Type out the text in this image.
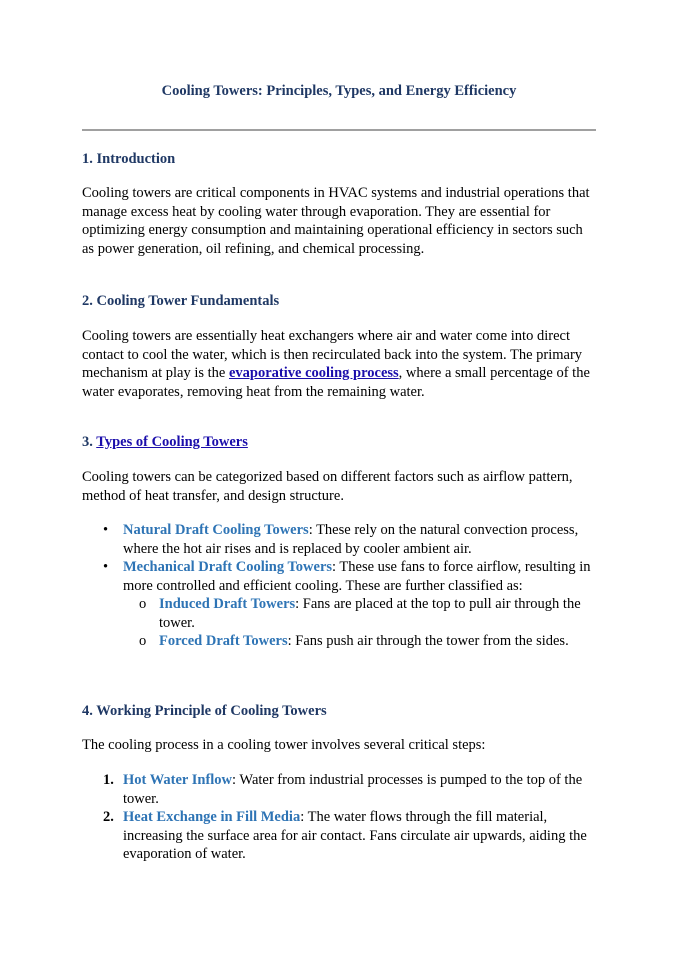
Cooling Towers: Principles, Types, and Energy Efficiency
1. Introduction
Cooling towers are critical components in HVAC systems and industrial operations that manage excess heat by cooling water through evaporation. They are essential for optimizing energy consumption and maintaining operational efficiency in sectors such as power generation, oil refining, and chemical processing.
2. Cooling Tower Fundamentals
Cooling towers are essentially heat exchangers where air and water come into direct contact to cool the water, which is then recirculated back into the system. The primary mechanism at play is the evaporative cooling process, where a small percentage of the water evaporates, removing heat from the remaining water.
3. Types of Cooling Towers
Cooling towers can be categorized based on different factors such as airflow pattern, method of heat transfer, and design structure.
• Natural Draft Cooling Towers: These rely on the natural convection process, where the hot air rises and is replaced by cooler ambient air.
• Mechanical Draft Cooling Towers: These use fans to force airflow, resulting in more controlled and efficient cooling. These are further classified as:
o Induced Draft Towers: Fans are placed at the top to pull air through the tower.
o Forced Draft Towers: Fans push air through the tower from the sides.
4. Working Principle of Cooling Towers
The cooling process in a cooling tower involves several critical steps:
1. Hot Water Inflow: Water from industrial processes is pumped to the top of the tower.
2. Heat Exchange in Fill Media: The water flows through the fill material, increasing the surface area for air contact. Fans circulate air upwards, aiding the evaporation of water.
